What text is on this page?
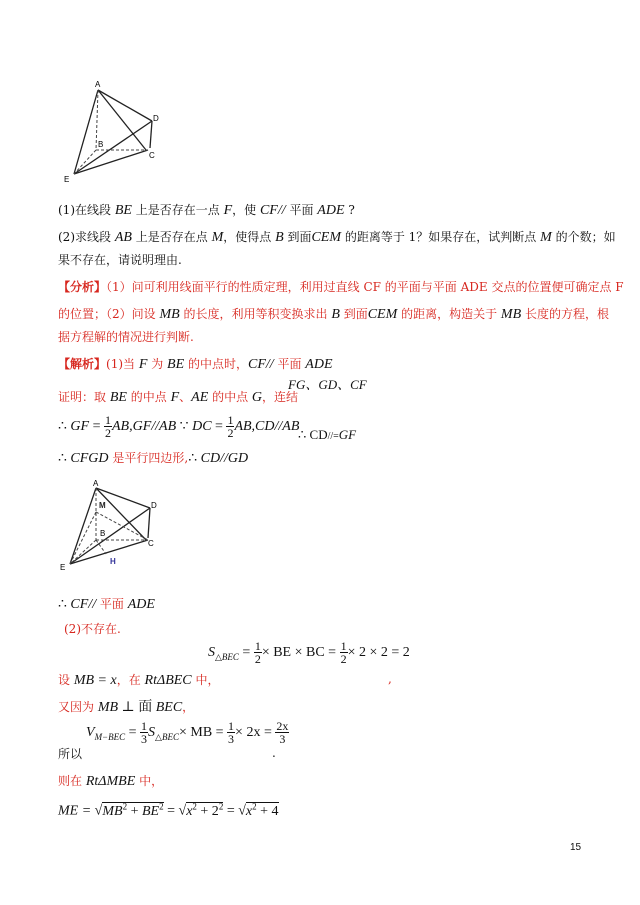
A
D
B
C
E
(1)在线段 BE 上是否存在一点 F，使 CF// 平面 ADE ?
(2)求线段 AB 上是否存在点 M，使得点 B 到面CEM 的距离等于 1？如果存在，试判断点 M 的个数；如
果不存在，请说明理由.
【分析】（1）问可利用线面平行的性质定理，利用过直线 CF 的平面与平面 ADE 交点的位置便可确定点 F
的位置；（2）问设 MB 的长度，利用等积变换求出 B 到面CEM 的距离，构造关于 MB 长度的方程，根
据方程解的情况进行判断.
【解析】(1)当 F 为 BE 的中点时，CF// 平面 ADE
FG、GD、CF
证明：取 BE 的中点 F、AE 的中点 G，连结
∴ GF = $\frac{1}{2} AB,GF//AB$ ∵ DC = $\frac{1}{2} AB,CD//AB$
∴ CD//=GF
∴ CFGD 是平行四边形,∴ CD//GD
A
D
M
B
C
E
H
∴ CF// 平面 ADE
(2)不存在.
$S_{\triangle BEC} = \frac{1}{2}$ × BE × BC = $\frac{1}{2} \times 2 \times 2 = 2$
设 MB = x，在 RtΔBEC 中，	,
又因为 MB ⊥ 面 BEC，
$V_{M-BEC} = \frac{1}{3} S_{\triangle BEC}\times$ MB = $\frac{1}{3} \times 2x = \frac{2x}{3}$
所以	.
则在 RtΔMBE 中，
ME = $√MB^2 + BE^2 = √x^2 + 2^2 = √x^2 + 4$
15
